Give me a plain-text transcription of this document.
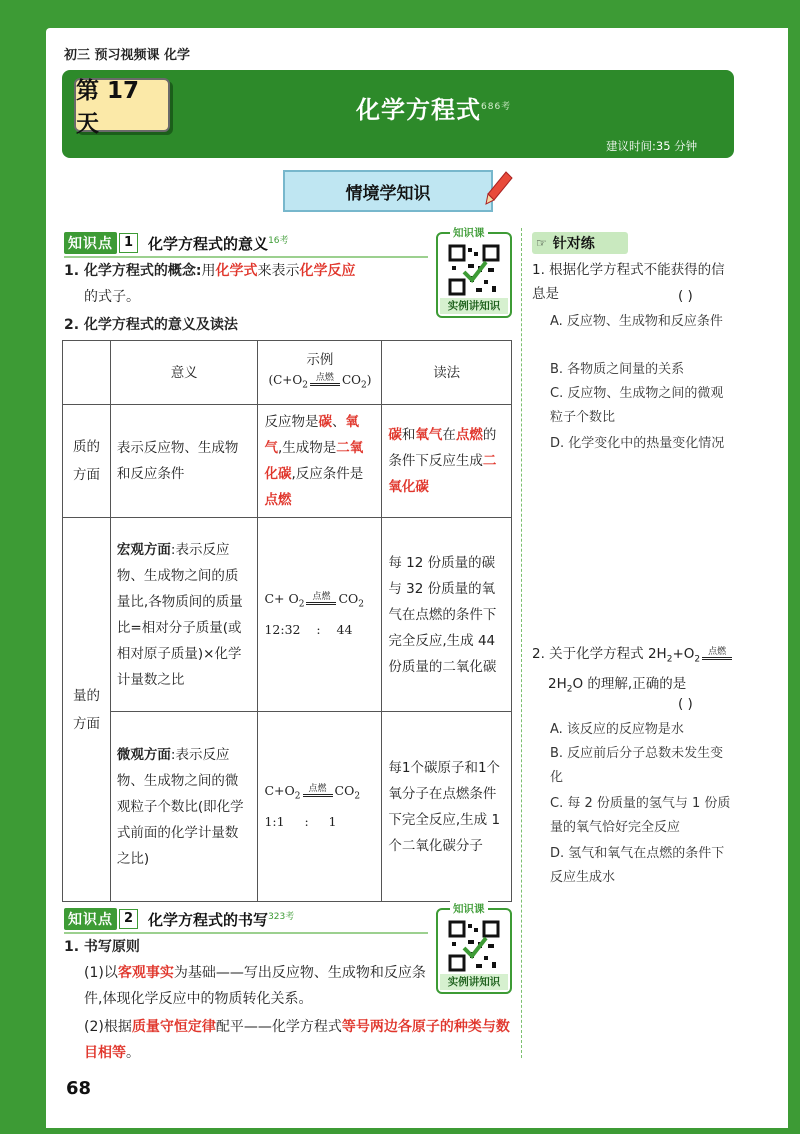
初三 预习视频课 化学
第 17 天	化学方程式$^{686考}$
建议时间:35 分钟
情境学知识
知识点 1	化学方程式的意义$^{16考}$
知识课
实例讲知识
1. 化学方程式的概念:用化学式来表示化学反应
的式子。
2. 化学方程式的意义及读法
	意义	示例
($C+O_2$
点燃 $CO_2$)	读法
质的方面	表示反应物、生成物和反应条件	反应物是碳、氧气,生成物是二氧化碳,反应条件是点燃	碳和氧气在点燃的条件下反应生成二氧化碳
量的方面	宏观方面:表示反应物、生成物之间的质量比,各物质间的质量比=相对分子质量(或相对原子质量)×化学计量数之比	$C+ O_2$
点燃 $CO_2$
12:32    :    44	每 12 份质量的碳与 32 份质量的氧气在点燃的条件下完全反应,生成 44 份质量的二氧化碳
	微观方面:表示反应物、生成物之间的微观粒子个数比(即化学式前面的化学计量数之比)	$C+O_2$
点燃 $CO_2$
1:1     :     1	每1个碳原子和1个氧分子在点燃条件下完全反应,生成 1 个二氧化碳分子
知识点 2	化学方程式的书写$^{323考}$
知识课
实例讲知识
1. 书写原则
(1)以客观事实为基础——写出反应物、生成物和反应条件,体现化学反应中的物质转化关系。
(2)根据质量守恒定律配平——化学方程式等号两边各原子的种类与数目相等。
☞ 针对练
1. 根据化学方程式不能获得的信息是	( )
A. 反应物、生成物和反应条件
B. 各物质之间量的关系
C. 反应物、生成物之间的微观粒子个数比
D. 化学变化中的热量变化情况
2. 关于化学方程式 $2H_2+O_2$
点燃

$2H_2O$ 的理解,正确的是
( )
A. 该反应的反应物是水
B. 反应前后分子总数未发生变化
C. 每 2 份质量的氢气与 1 份质量的氧气恰好完全反应
D. 氢气和氧气在点燃的条件下反应生成水
68
